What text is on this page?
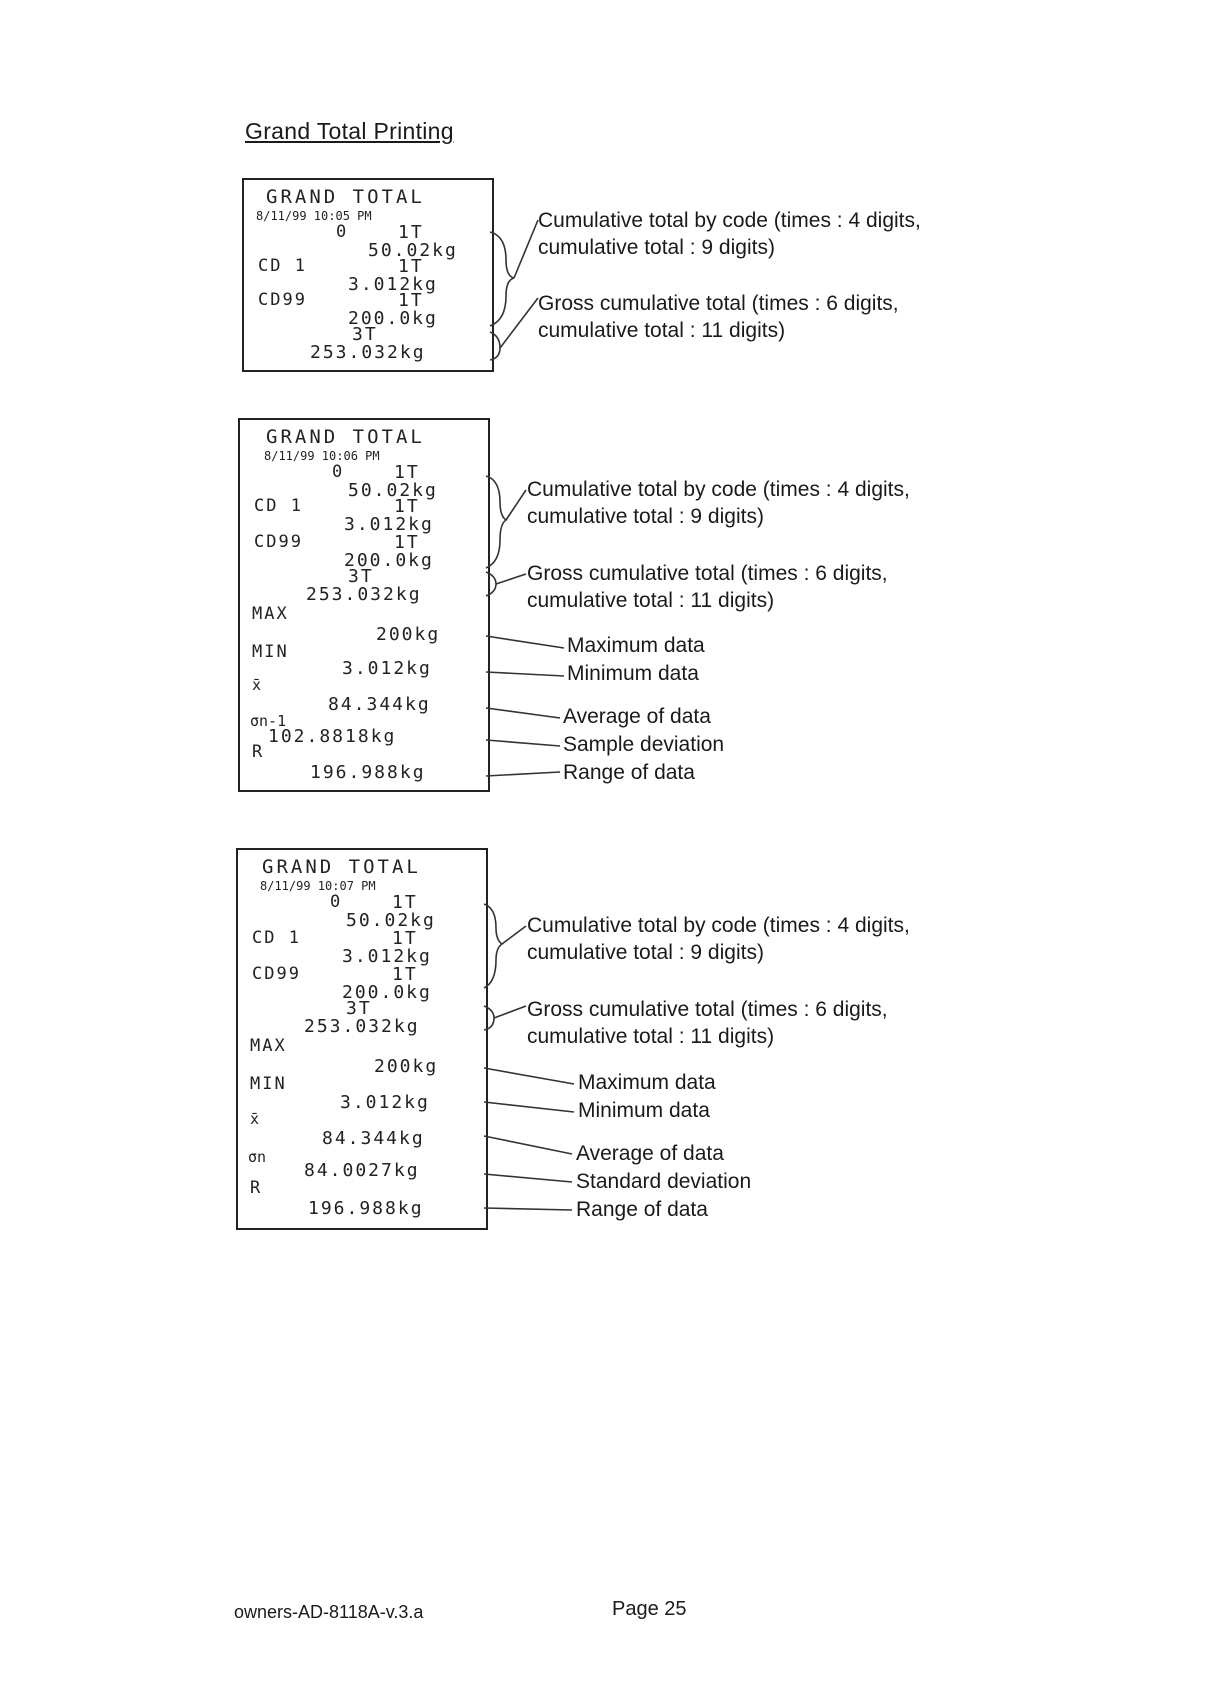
Grand Total Printing
GRAND TOTAL
8/11/99 10:05 PM
0	1T
50.02kg
CD 1	1T
3.012kg
CD99	1T
200.0kg
3T
253.032kg
Cumulative total by code (times : 4 digits,
cumulative total : 9 digits)
Gross cumulative total (times : 6 digits,
cumulative total : 11 digits)
GRAND TOTAL
8/11/99 10:06 PM
0	1T
50.02kg
CD 1	1T
3.012kg
CD99	1T
200.0kg
3T
253.032kg
MAX
200kg
MIN
3.012kg
x̄
84.344kg
σn-1
102.8818kg
R
196.988kg
Cumulative total by code (times : 4 digits,
cumulative total : 9 digits)
Gross cumulative total (times : 6 digits,
cumulative total : 11 digits)
Maximum data
Minimum data
Average of data
Sample deviation
Range of data
GRAND TOTAL
8/11/99 10:07 PM
0	1T
50.02kg
CD 1	1T
3.012kg
CD99	1T
200.0kg
3T
253.032kg
MAX
200kg
MIN
3.012kg
x̄
84.344kg
σn
84.0027kg
R
196.988kg
Cumulative total by code (times : 4 digits,
cumulative total : 9 digits)
Gross cumulative total (times : 6 digits,
cumulative total : 11 digits)
Maximum data
Minimum data
Average of data
Standard deviation
Range of data
owners-AD-8118A-v.3.a	Page 25
